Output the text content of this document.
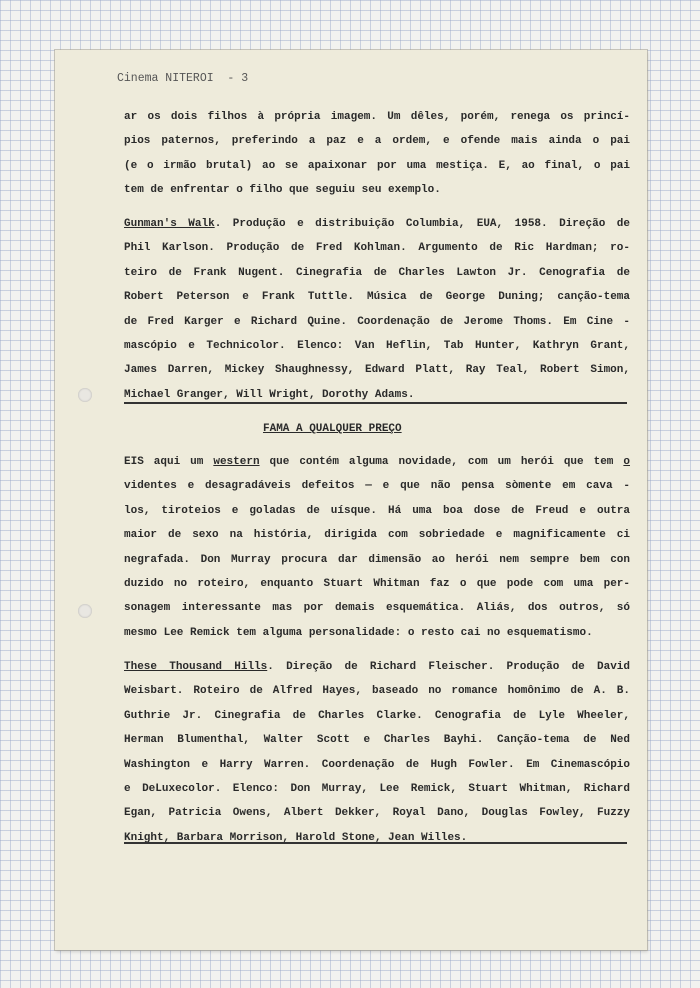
Cinema NITEROI  - 3
ar os dois filhos à própria imagem. Um dêles, porém, renega os princí-
pios paternos, preferindo a paz e a ordem, e ofende mais ainda o pai
(e o irmão brutal) ao se apaixonar por uma mestiça. E, ao final, o pai
tem de enfrentar o filho que seguiu seu exemplo.
Gunman's Walk. Produção e distribuição Columbia, EUA, 1958. Direção de
Phil Karlson. Produção de Fred Kohlman. Argumento de Ric Hardman; ro-
teiro de Frank Nugent. Cinegrafia de Charles Lawton Jr. Cenografia de
Robert Peterson e Frank Tuttle. Música de George Duning; canção-tema
de Fred Karger e Richard Quine. Coordenação de Jerome Thoms. Em Cine -
mascópio e Technicolor. Elenco: Van Heflin, Tab Hunter, Kathryn Grant,
James Darren, Mickey Shaughnessy, Edward Platt, Ray Teal, Robert Simon,
Michael Granger, Will Wright, Dorothy Adams.
FAMA A QUALQUER PREÇO
EIS aqui um western que contém alguma novidade, com um herói que tem o
videntes e desagradáveis defeitos — e que não pensa sòmente em cava -
los, tiroteios e goladas de uísque. Há uma boa dose de Freud e outra
maior de sexo na história, dirigida com sobriedade e magnificamente ci
negrafada. Don Murray procura dar dimensão ao herói nem sempre bem con
duzido no roteiro, enquanto Stuart Whitman faz o que pode com uma per-
sonagem interessante mas por demais esquemática. Aliás, dos outros, só
mesmo Lee Remick tem alguma personalidade: o resto cai no esquematismo.
These Thousand Hills. Direção de Richard Fleischer. Produção de David
Weisbart. Roteiro de Alfred Hayes, baseado no romance homônimo de A. B.
Guthrie Jr. Cinegrafia de Charles Clarke. Cenografia de Lyle Wheeler,
Herman Blumenthal, Walter Scott e Charles Bayhi. Canção-tema de Ned
Washington e Harry Warren. Coordenação de Hugh Fowler. Em Cinemascópio
e DeLuxecolor. Elenco: Don Murray, Lee Remick, Stuart Whitman, Richard
Egan, Patricia Owens, Albert Dekker, Royal Dano, Douglas Fowley, Fuzzy
Knight, Barbara Morrison, Harold Stone, Jean Willes.
